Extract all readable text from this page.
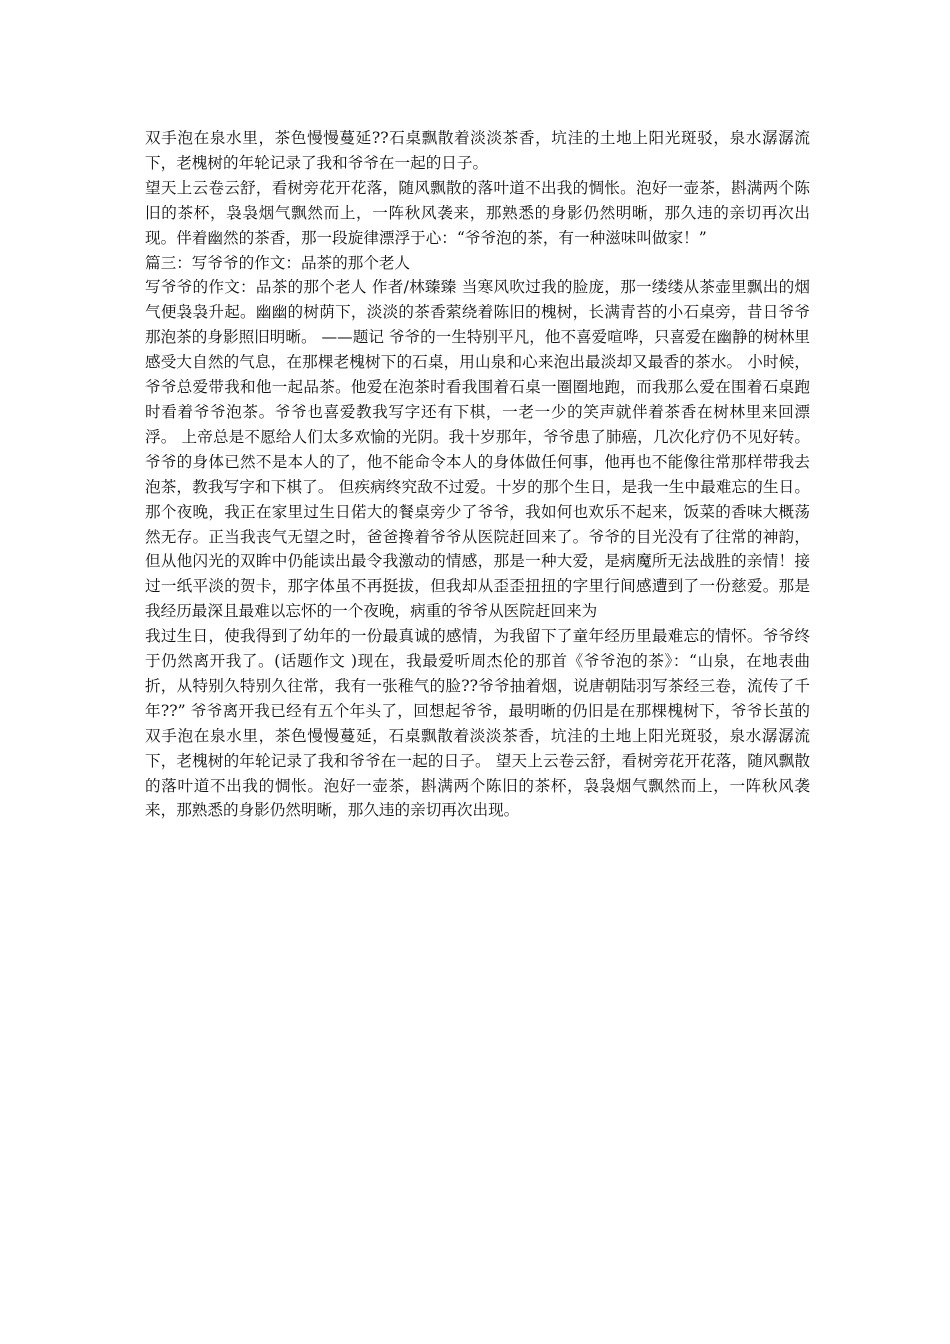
双手泡在泉水里，茶色慢慢蔓延??石桌飘散着淡淡茶香，坑洼的土地上阳光斑驳，泉水潺潺流下，老槐树的年轮记录了我和爷爷在一起的日子。

望天上云卷云舒，看树旁花开花落，随风飘散的落叶道不出我的惆怅。泡好一壶茶，斟满两个陈旧的茶杯，袅袅烟气飘然而上，一阵秋风袭来，那熟悉的身影仍然明晰，那久违的亲切再次出现。伴着幽然的茶香，那一段旋律漂浮于心：“爷爷泡的茶，有一种滋味叫做家！”

篇三：写爷爷的作文：品茶的那个老人

写爷爷的作文：品茶的那个老人 作者/林臻臻 当寒风吹过我的脸庞，那一缕缕从茶壶里飘出的烟气便袅袅升起。幽幽的树荫下，淡淡的茶香萦绕着陈旧的槐树，长满青苔的小石桌旁，昔日爷爷那泡茶的身影照旧明晰。 ——题记 爷爷的一生特别平凡，他不喜爱喧哗，只喜爱在幽静的树林里感受大自然的气息，在那棵老槐树下的石桌，用山泉和心来泡出最淡却又最香的茶水。 小时候，爷爷总爱带我和他一起品茶。他爱在泡茶时看我围着石桌一圈圈地跑，而我那么爱在围着石桌跑时看着爷爷泡茶。爷爷也喜爱教我写字还有下棋，一老一少的笑声就伴着茶香在树林里来回漂浮。 上帝总是不愿给人们太多欢愉的光阴。我十岁那年，爷爷患了肺癌，几次化疗仍不见好转。爷爷的身体已然不是本人的了，他不能命令本人的身体做任何事，他再也不能像往常那样带我去泡茶，教我写字和下棋了。 但疾病终究敌不过爱。十岁的那个生日，是我一生中最难忘的生日。那个夜晚，我正在家里过生日偌大的餐桌旁少了爷爷，我如何也欢乐不起来，饭菜的香味大概荡然无存。正当我丧气无望之时，爸爸搀着爷爷从医院赶回来了。爷爷的目光没有了往常的神韵，但从他闪光的双眸中仍能读出最令我激动的情感，那是一种大爱，是病魔所无法战胜的亲情！接过一纸平淡的贺卡，那字体虽不再挺拔，但我却从歪歪扭扭的字里行间感遭到了一份慈爱。那是我经历最深且最难以忘怀的一个夜晚，病重的爷爷从医院赶回来为

我过生日，使我得到了幼年的一份最真诚的感情，为我留下了童年经历里最难忘的情怀。爷爷终于仍然离开我了。(话题作文 )现在，我最爱听周杰伦的那首《爷爷泡的茶》：“山泉，在地表曲折，从特别久特别久往常，我有一张稚气的脸??爷爷抽着烟，说唐朝陆羽写茶经三卷，流传了千年??” 爷爷离开我已经有五个年头了，回想起爷爷，最明晰的仍旧是在那棵槐树下，爷爷长茧的双手泡在泉水里，茶色慢慢蔓延，石桌飘散着淡淡茶香，坑洼的土地上阳光斑驳，泉水潺潺流下，老槐树的年轮记录了我和爷爷在一起的日子。 望天上云卷云舒，看树旁花开花落，随风飘散的落叶道不出我的惆怅。泡好一壶茶，斟满两个陈旧的茶杯，袅袅烟气飘然而上，一阵秋风袭来，那熟悉的身影仍然明晰，那久违的亲切再次出现。
